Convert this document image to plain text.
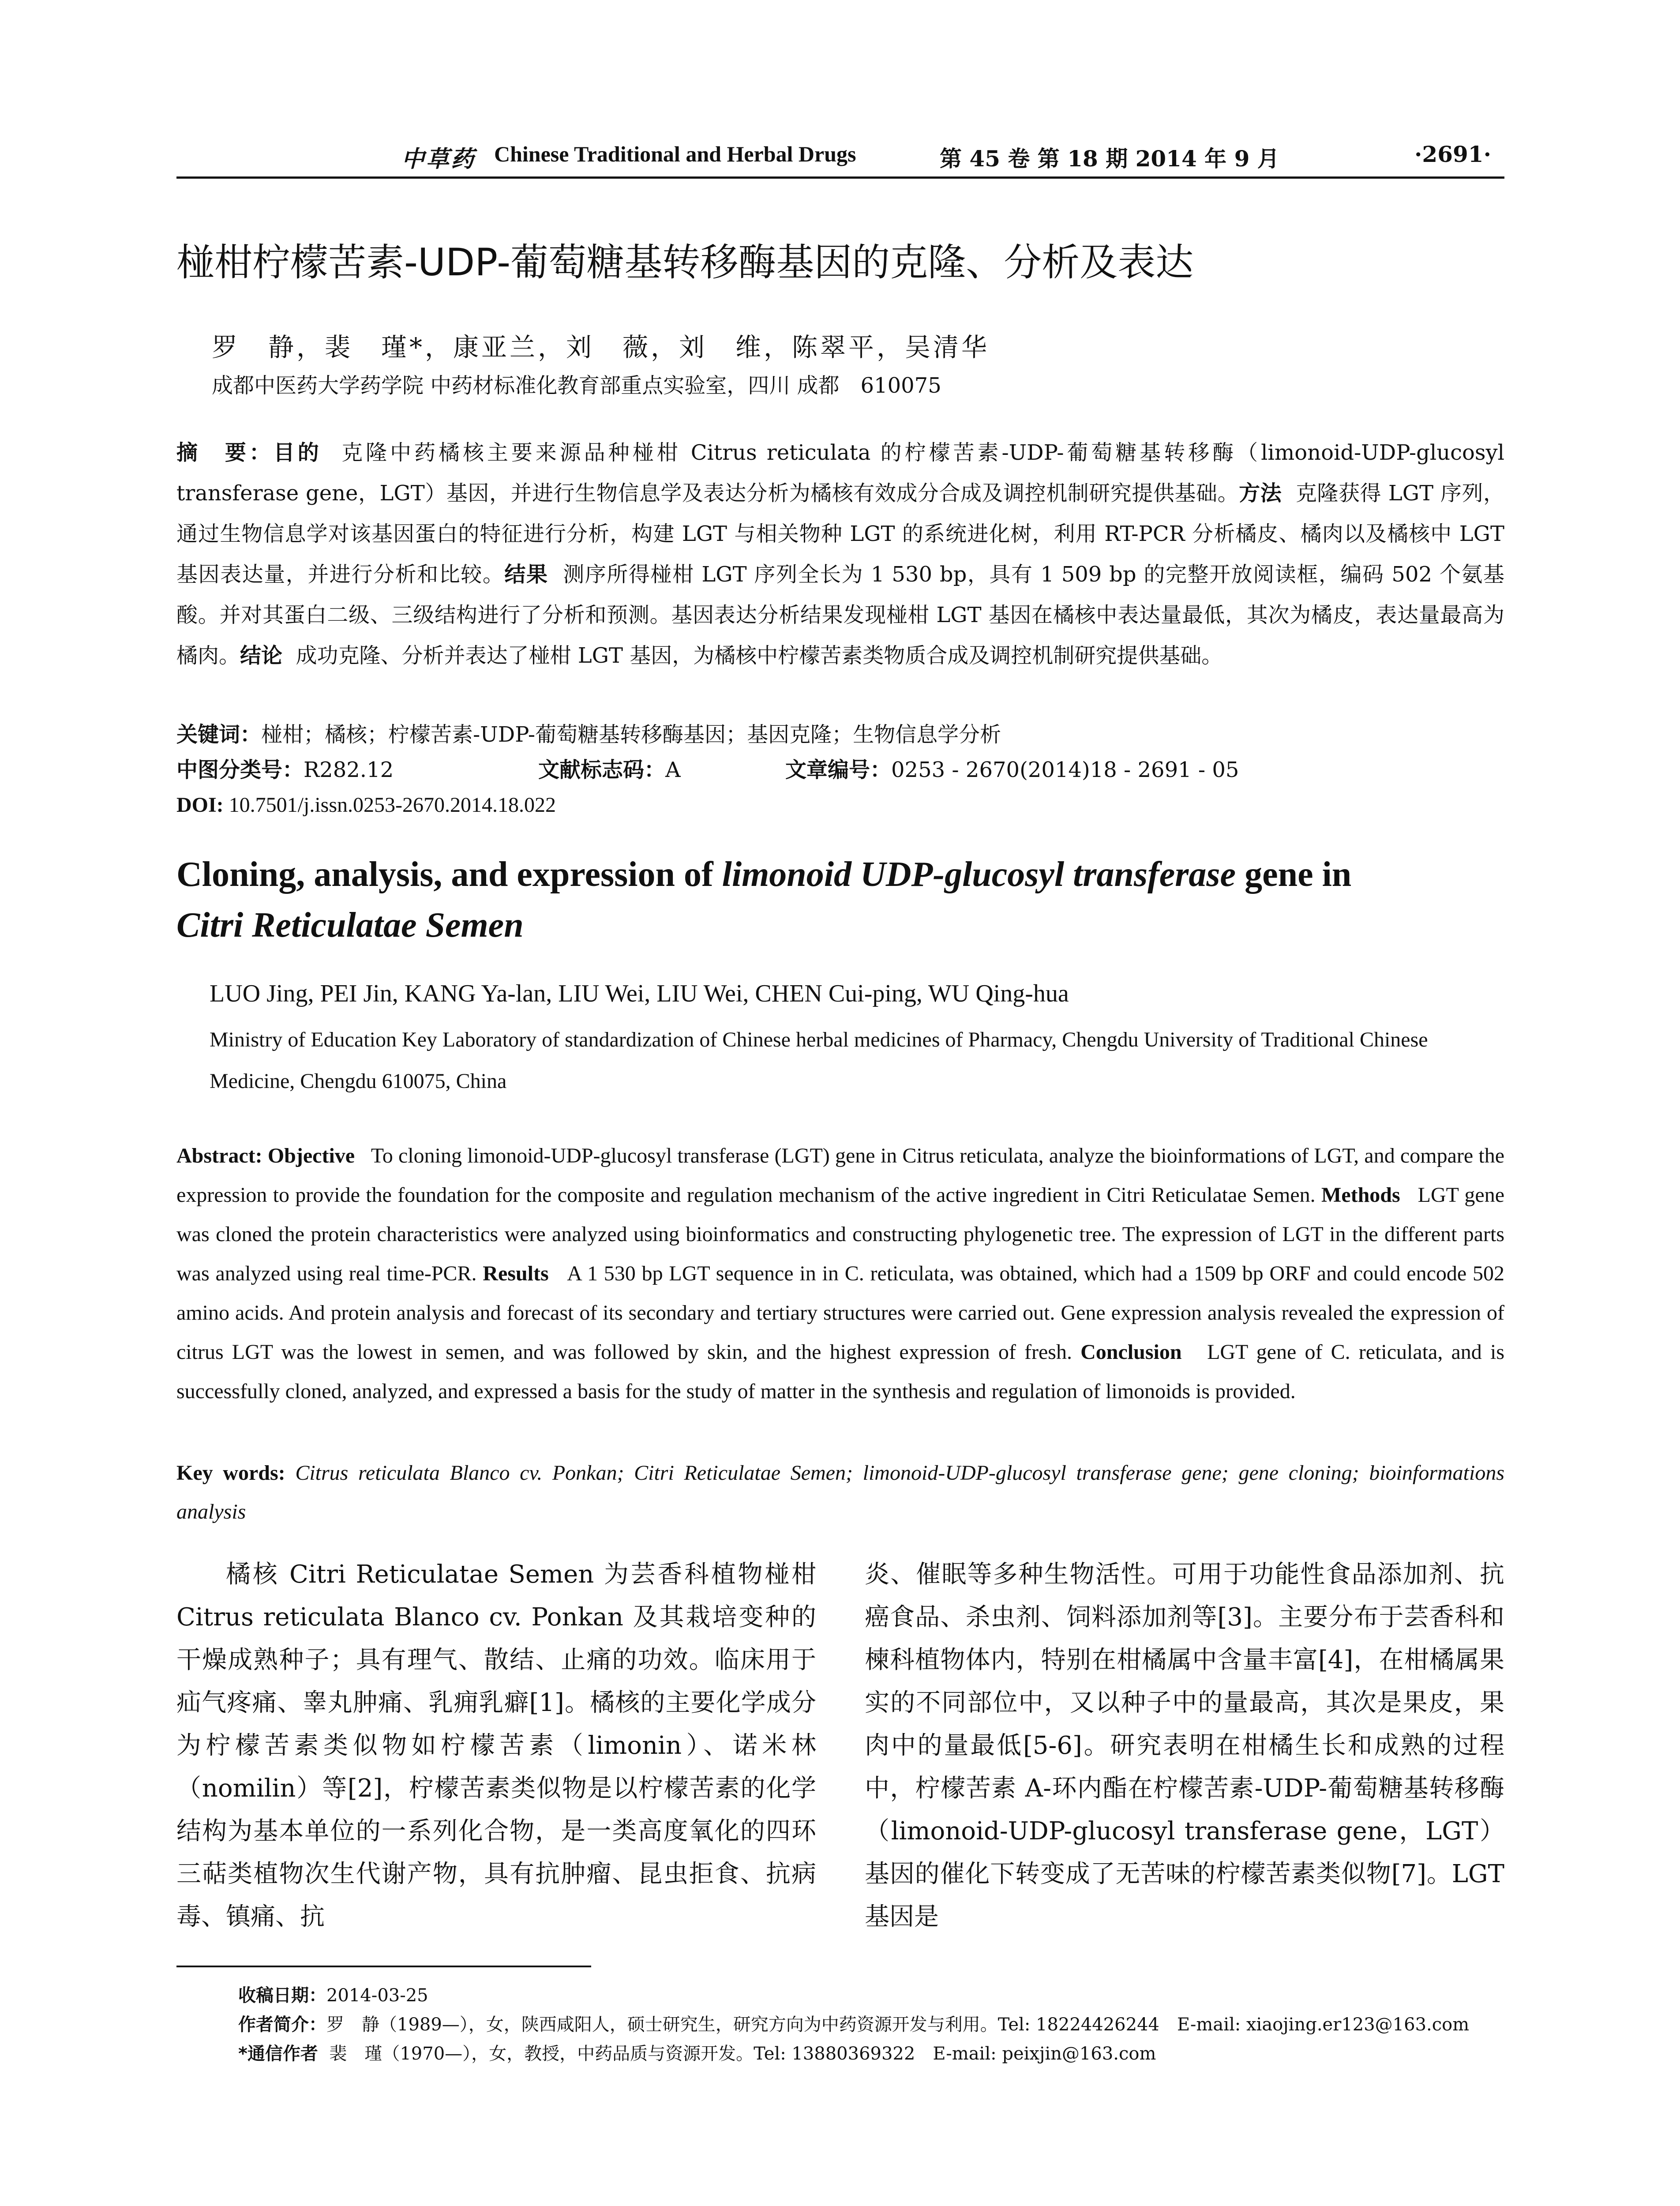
中草药 Chinese Traditional and Herbal Drugs	第 45 卷 第 18 期 2014 年 9 月	·2691·
椪柑柠檬苦素-UDP-葡萄糖基转移酶基因的克隆、分析及表达
罗　静，裴　瑾*，康亚兰，刘　薇，刘　维，陈翠平，吴清华
成都中医药大学药学院 中药材标准化教育部重点实验室，四川 成都　610075
摘　要：目的 克隆中药橘核主要来源品种椪柑 Citrus reticulata 的柠檬苦素-UDP-葡萄糖基转移酶（limonoid-UDP-glucosyl transferase gene，LGT）基因，并进行生物信息学及表达分析为橘核有效成分合成及调控机制研究提供基础。方法 克隆获得 LGT 序列，通过生物信息学对该基因蛋白的特征进行分析，构建 LGT 与相关物种 LGT 的系统进化树，利用 RT-PCR 分析橘皮、橘肉以及橘核中 LGT 基因表达量，并进行分析和比较。结果 测序所得椪柑 LGT 序列全长为 1 530 bp，具有 1 509 bp 的完整开放阅读框，编码 502 个氨基酸。并对其蛋白二级、三级结构进行了分析和预测。基因表达分析结果发现椪柑 LGT 基因在橘核中表达量最低，其次为橘皮，表达量最高为橘肉。结论 成功克隆、分析并表达了椪柑 LGT 基因，为橘核中柠檬苦素类物质合成及调控机制研究提供基础。
关键词：椪柑；橘核；柠檬苦素-UDP-葡萄糖基转移酶基因；基因克隆；生物信息学分析
中图分类号：R282.12	文献标志码：A	文章编号：0253 - 2670(2014)18 - 2691 - 05
DOI: 10.7501/j.issn.0253-2670.2014.18.022
Cloning, analysis, and expression of limonoid UDP-glucosyl transferase gene in
Citri Reticulatae Semen
LUO Jing, PEI Jin, KANG Ya-lan, LIU Wei, LIU Wei, CHEN Cui-ping, WU Qing-hua
Ministry of Education Key Laboratory of standardization of Chinese herbal medicines of Pharmacy, Chengdu University of Traditional Chinese Medicine, Chengdu 610075, China
Abstract: Objective To cloning limonoid-UDP-glucosyl transferase (LGT) gene in Citrus reticulata, analyze the bioinformations of LGT, and compare the expression to provide the foundation for the composite and regulation mechanism of the active ingredient in Citri Reticulatae Semen. Methods LGT gene was cloned the protein characteristics were analyzed using bioinformatics and constructing phylogenetic tree. The expression of LGT in the different parts was analyzed using real time-PCR. Results A 1 530 bp LGT sequence in in C. reticulata, was obtained, which had a 1509 bp ORF and could encode 502 amino acids. And protein analysis and forecast of its secondary and tertiary structures were carried out. Gene expression analysis revealed the expression of citrus LGT was the lowest in semen, and was followed by skin, and the highest expression of fresh. Conclusion LGT gene of C. reticulata, and is successfully cloned, analyzed, and expressed a basis for the study of matter in the synthesis and regulation of limonoids is provided.
Key words: Citrus reticulata Blanco cv. Ponkan; Citri Reticulatae Semen; limonoid-UDP-glucosyl transferase gene; gene cloning; bioinformations analysis
橘核 Citri Reticulatae Semen 为芸香科植物椪柑 Citrus reticulata Blanco cv. Ponkan 及其栽培变种的干燥成熟种子；具有理气、散结、止痛的功效。临床用于疝气疼痛、睾丸肿痛、乳痈乳癖[1]。橘核的主要化学成分为柠檬苦素类似物如柠檬苦素（limonin）、诺米林（nomilin）等[2]，柠檬苦素类似物是以柠檬苦素的化学结构为基本单位的一系列化合物，是一类高度氧化的四环三萜类植物次生代谢产物，具有抗肿瘤、昆虫拒食、抗病毒、镇痛、抗
炎、催眠等多种生物活性。可用于功能性食品添加剂、抗癌食品、杀虫剂、饲料添加剂等[3]。主要分布于芸香科和楝科植物体内，特别在柑橘属中含量丰富[4]，在柑橘属果实的不同部位中，又以种子中的量最高，其次是果皮，果肉中的量最低[5-6]。研究表明在柑橘生长和成熟的过程中，柠檬苦素 A-环内酯在柠檬苦素-UDP-葡萄糖基转移酶（limonoid-UDP-glucosyl transferase gene，LGT）基因的催化下转变成了无苦味的柠檬苦素类似物[7]。LGT 基因是
收稿日期：2014-03-25
作者简介：罗　静（1989—），女，陕西咸阳人，硕士研究生，研究方向为中药资源开发与利用。Tel: 18224426244　E-mail: xiaojing.er123@163.com
*通信作者 裴　瑾（1970—），女，教授，中药品质与资源开发。Tel: 13880369322　E-mail: peixjin@163.com
